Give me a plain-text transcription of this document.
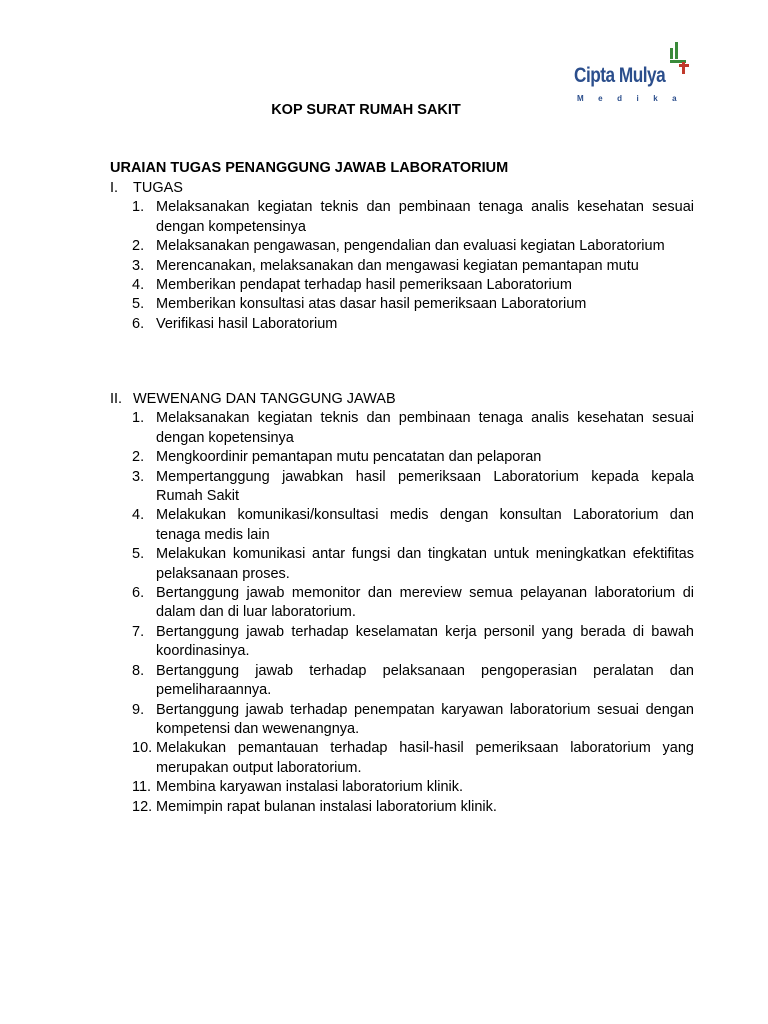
Cipta Mulya
Medika
KOP SURAT RUMAH SAKIT
URAIAN TUGAS PENANGGUNG JAWAB LABORATORIUM
I.	TUGAS
1. Melaksanakan kegiatan teknis dan pembinaan tenaga analis kesehatan sesuai dengan kompetensinya
2. Melaksanakan pengawasan, pengendalian dan evaluasi kegiatan Laboratorium
3. Merencanakan, melaksanakan dan mengawasi kegiatan pemantapan mutu
4. Memberikan pendapat terhadap hasil pemeriksaan Laboratorium
5. Memberikan konsultasi atas dasar hasil pemeriksaan Laboratorium
6. Verifikasi hasil Laboratorium
II. WEWENANG DAN TANGGUNG JAWAB
1. Melaksanakan kegiatan teknis dan pembinaan tenaga analis kesehatan sesuai dengan kopetensinya
2. Mengkoordinir pemantapan mutu pencatatan dan pelaporan
3. Mempertanggung jawabkan hasil pemeriksaan Laboratorium kepada kepala Rumah Sakit
4. Melakukan komunikasi/konsultasi medis dengan konsultan Laboratorium dan tenaga medis lain
5. Melakukan komunikasi antar fungsi dan tingkatan untuk meningkatkan efektifitas pelaksanaan proses.
6. Bertanggung jawab memonitor dan mereview semua pelayanan laboratorium di dalam dan di luar laboratorium.
7. Bertanggung jawab terhadap keselamatan kerja personil yang berada di bawah koordinasinya.
8. Bertanggung jawab terhadap pelaksanaan pengoperasian peralatan dan pemeliharaannya.
9. Bertanggung jawab terhadap penempatan karyawan laboratorium sesuai dengan kompetensi dan wewenangnya.
10. Melakukan pemantauan terhadap hasil-hasil pemeriksaan laboratorium yang merupakan output laboratorium.
11. Membina karyawan instalasi laboratorium klinik.
12. Memimpin rapat bulanan instalasi laboratorium klinik.
